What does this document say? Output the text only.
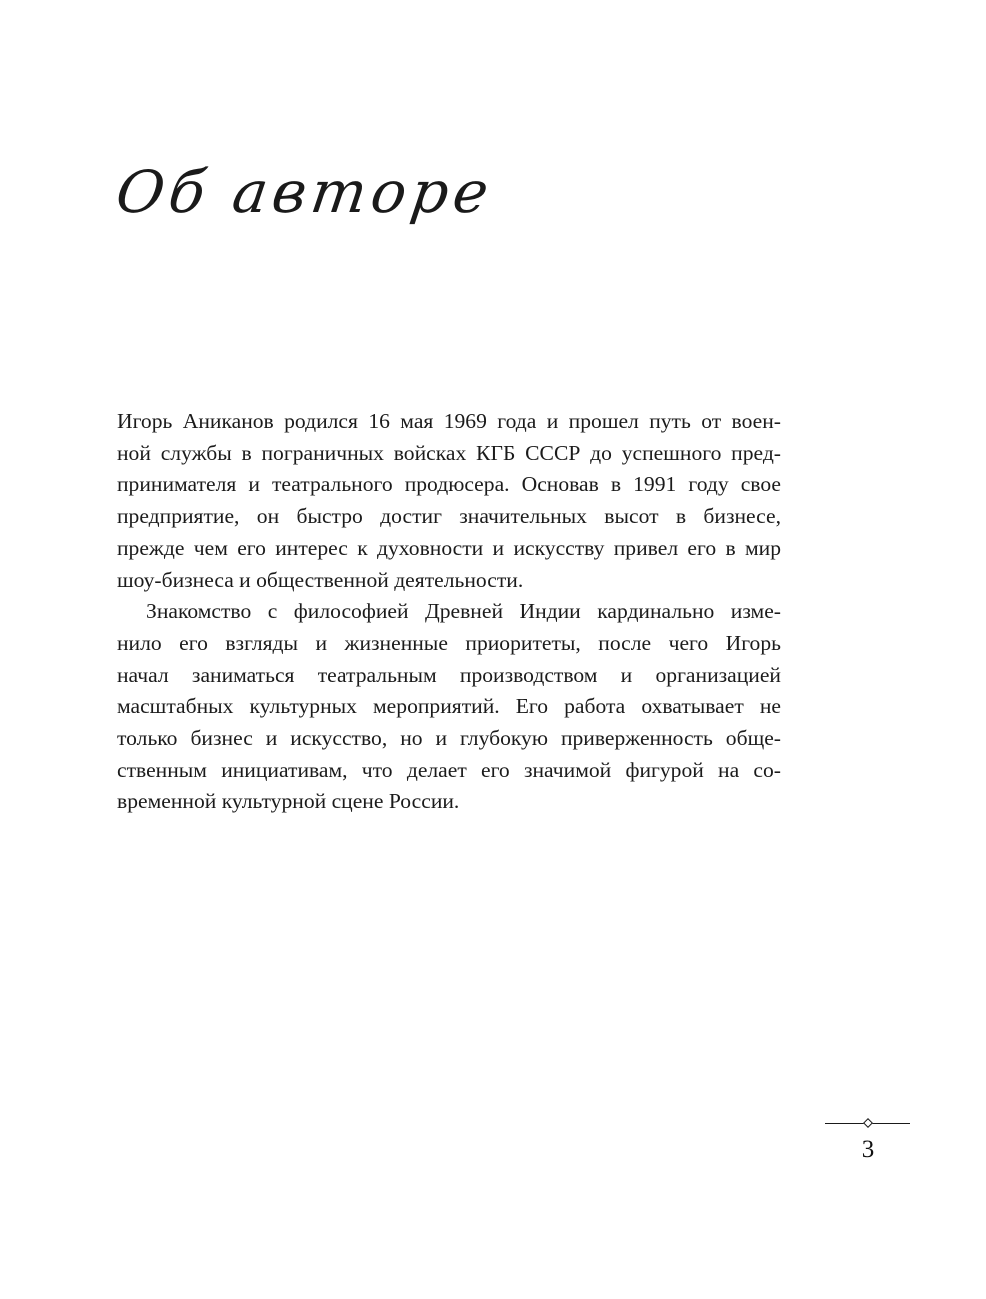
Об авторе
Игорь Аниканов родился 16 мая 1969 года и прошел путь от воен-
ной службы в пограничных войсках КГБ СССР до успешного пред-
принимателя и театрального продюсера. Основав в 1991 году свое
предприятие, он быстро достиг значительных высот в бизнесе,
прежде чем его интерес к духовности и искусству привел его в мир
шоу-бизнеса и общественной деятельности.
Знакомство с философией Древней Индии кардинально изме-
нило его взгляды и жизненные приоритеты, после чего Игорь
начал заниматься театральным производством и организацией
масштабных культурных мероприятий. Его работа охватывает не
только бизнес и искусство, но и глубокую приверженность обще-
ственным инициативам, что делает его значимой фигурой на со-
временной культурной сцене России.
3
